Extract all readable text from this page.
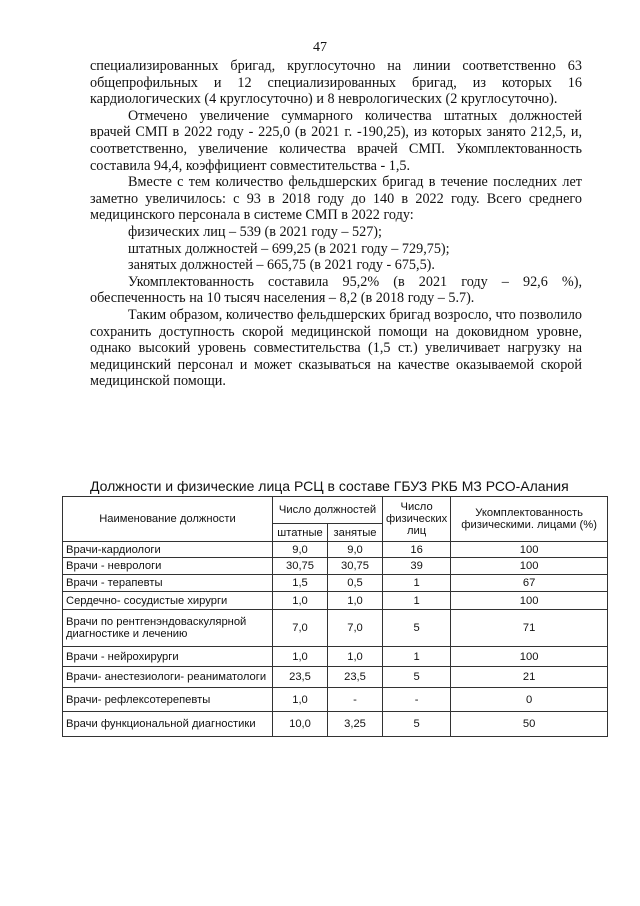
47

специализированных бригад, круглосуточно на линии соответственно 63 общепрофильных и 12 специализированных бригад, из которых 16 кардиологических (4 круглосуточно) и 8 неврологических (2 круглосуточно).

Отмечено увеличение суммарного количества штатных должностей врачей СМП в 2022 году - 225,0 (в 2021 г. -190,25), из которых занято 212,5, и, соответственно, увеличение количества врачей СМП. Укомплектованность составила 94,4, коэффициент совместительства - 1,5.

Вместе с тем количество фельдшерских бригад в течение последних лет заметно увеличилось: с 93 в 2018 году до 140 в 2022 году. Всего среднего медицинского персонала в системе СМП в 2022 году:

физических лиц – 539 (в 2021 году – 527);

штатных должностей – 699,25 (в 2021 году – 729,75);

занятых должностей – 665,75 (в 2021 году - 675,5).

Укомплектованность составила 95,2% (в 2021 году – 92,6 %), обеспеченность на 10 тысяч населения – 8,2 (в 2018 году – 5.7).

Таким образом, количество фельдшерских бригад возросло, что позволило сохранить доступность скорой медицинской помощи на доковидном уровне, однако высокий уровень совместительства (1,5 ст.) увеличивает нагрузку на медицинский персонал и может сказываться на качестве оказываемой скорой медицинской помощи.

Должности и физические лица РСЦ в составе ГБУЗ РКБ МЗ РСО-Алания
Наименование должности	Число должностей		Число физических лиц	Укомплектованность физическими. лицами (%)
	штатные	занятые		
Врачи-кардиологи	9,0	9,0	16	100
Врачи - неврологи	30,75	30,75	39	100
Врачи - терапевты	1,5	0,5	1	67
Сердечно- сосудистые хирурги	1,0	1,0	1	100
Врачи по рентгенэндоваскулярной диагностике и лечению	7,0	7,0	5	71
Врачи - нейрохирурги	1,0	1,0	1	100
Врачи- анестезиологи- реаниматологи	23,5	23,5	5	21
Врачи- рефлексотерепевты	1,0	-	-	0
Врачи функциональной диагностики	10,0	3,25	5	50
